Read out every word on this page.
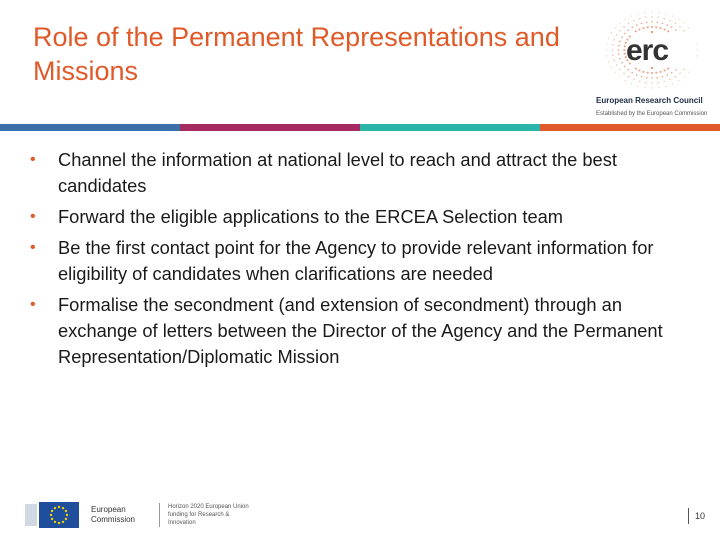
Role of the Permanent Representations and Missions
erc
European Research Council
Established by the European Commission
• Channel the information at national level to reach and attract the best candidates
• Forward the eligible applications to the ERCEA Selection team
• Be the first contact point for the Agency to provide relevant information for eligibility of candidates when clarifications are needed
• Formalise the secondment (and extension of secondment) through an exchange of letters between the Director of the Agency and the Permanent Representation/Diplomatic Mission
European Commission
Horizon 2020 European Union funding for Research & Innovation
10
